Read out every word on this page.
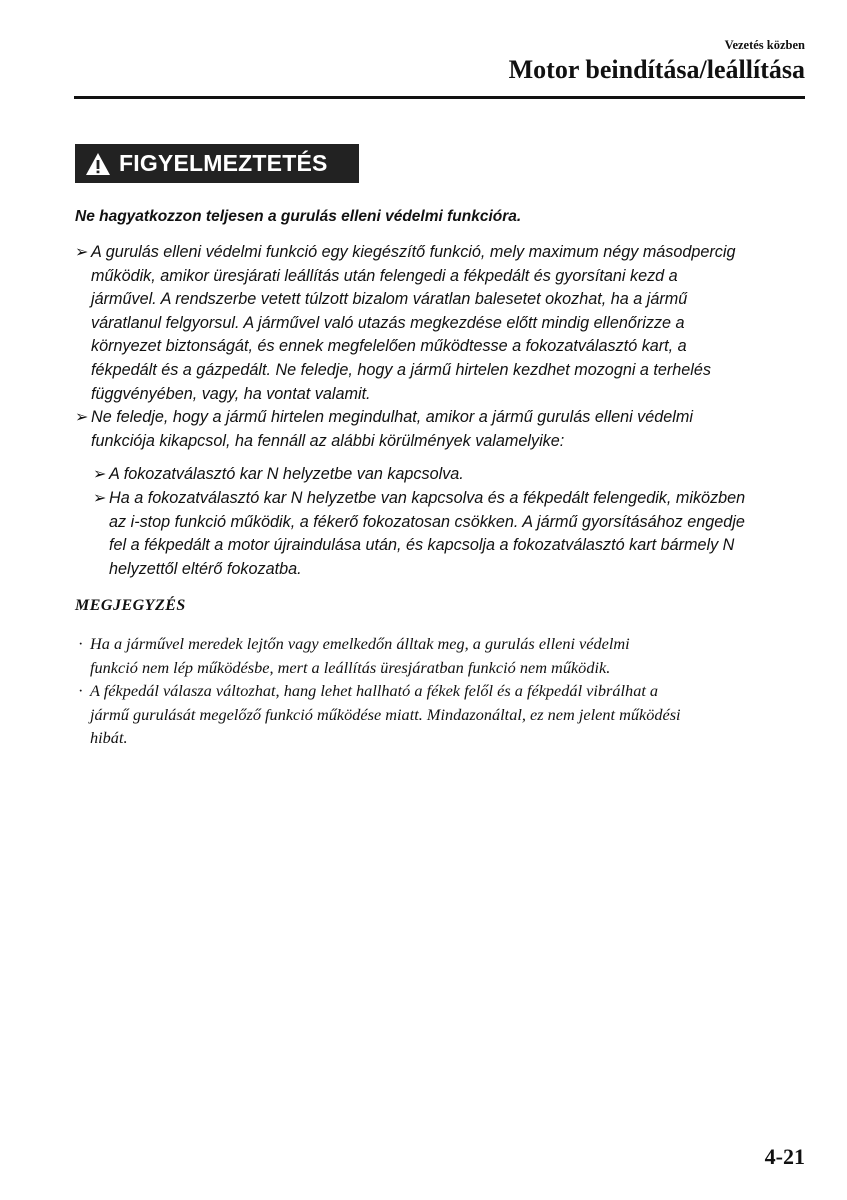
Vezetés közben
Motor beindítása/leállítása
FIGYELMEZTETÉS
Ne hagyatkozzon teljesen a gurulás elleni védelmi funkcióra.
➢ A gurulás elleni védelmi funkció egy kiegészítő funkció, mely maximum négy másodpercig
működik, amikor üresjárati leállítás után felengedi a fékpedált és gyorsítani kezd a
járművel. A rendszerbe vetett túlzott bizalom váratlan balesetet okozhat, ha a jármű
váratlanul felgyorsul. A járművel való utazás megkezdése előtt mindig ellenőrizze a
környezet biztonságát, és ennek megfelelően működtesse a fokozatválasztó kart, a
fékpedált és a gázpedált. Ne feledje, hogy a jármű hirtelen kezdhet mozogni a terhelés
függvényében, vagy, ha vontat valamit.
➢ Ne feledje, hogy a jármű hirtelen megindulhat, amikor a jármű gurulás elleni védelmi
funkciója kikapcsol, ha fennáll az alábbi körülmények valamelyike:
➢ A fokozatválasztó kar N helyzetbe van kapcsolva.
➢ Ha a fokozatválasztó kar N helyzetbe van kapcsolva és a fékpedált felengedik, miközben
az i-stop funkció működik, a fékerő fokozatosan csökken. A jármű gyorsításához engedje
fel a fékpedált a motor újraindulása után, és kapcsolja a fokozatválasztó kart bármely N
helyzettől eltérő fokozatba.
MEGJEGYZÉS
· Ha a járművel meredek lejtőn vagy emelkedőn álltak meg, a gurulás elleni védelmi
funkció nem lép működésbe, mert a leállítás üresjáratban funkció nem működik.
· A fékpedál válasza változhat, hang lehet hallható a fékek felől és a fékpedál vibrálhat a
jármű gurulását megelőző funkció működése miatt. Mindazonáltal, ez nem jelent működési
hibát.
4-21
